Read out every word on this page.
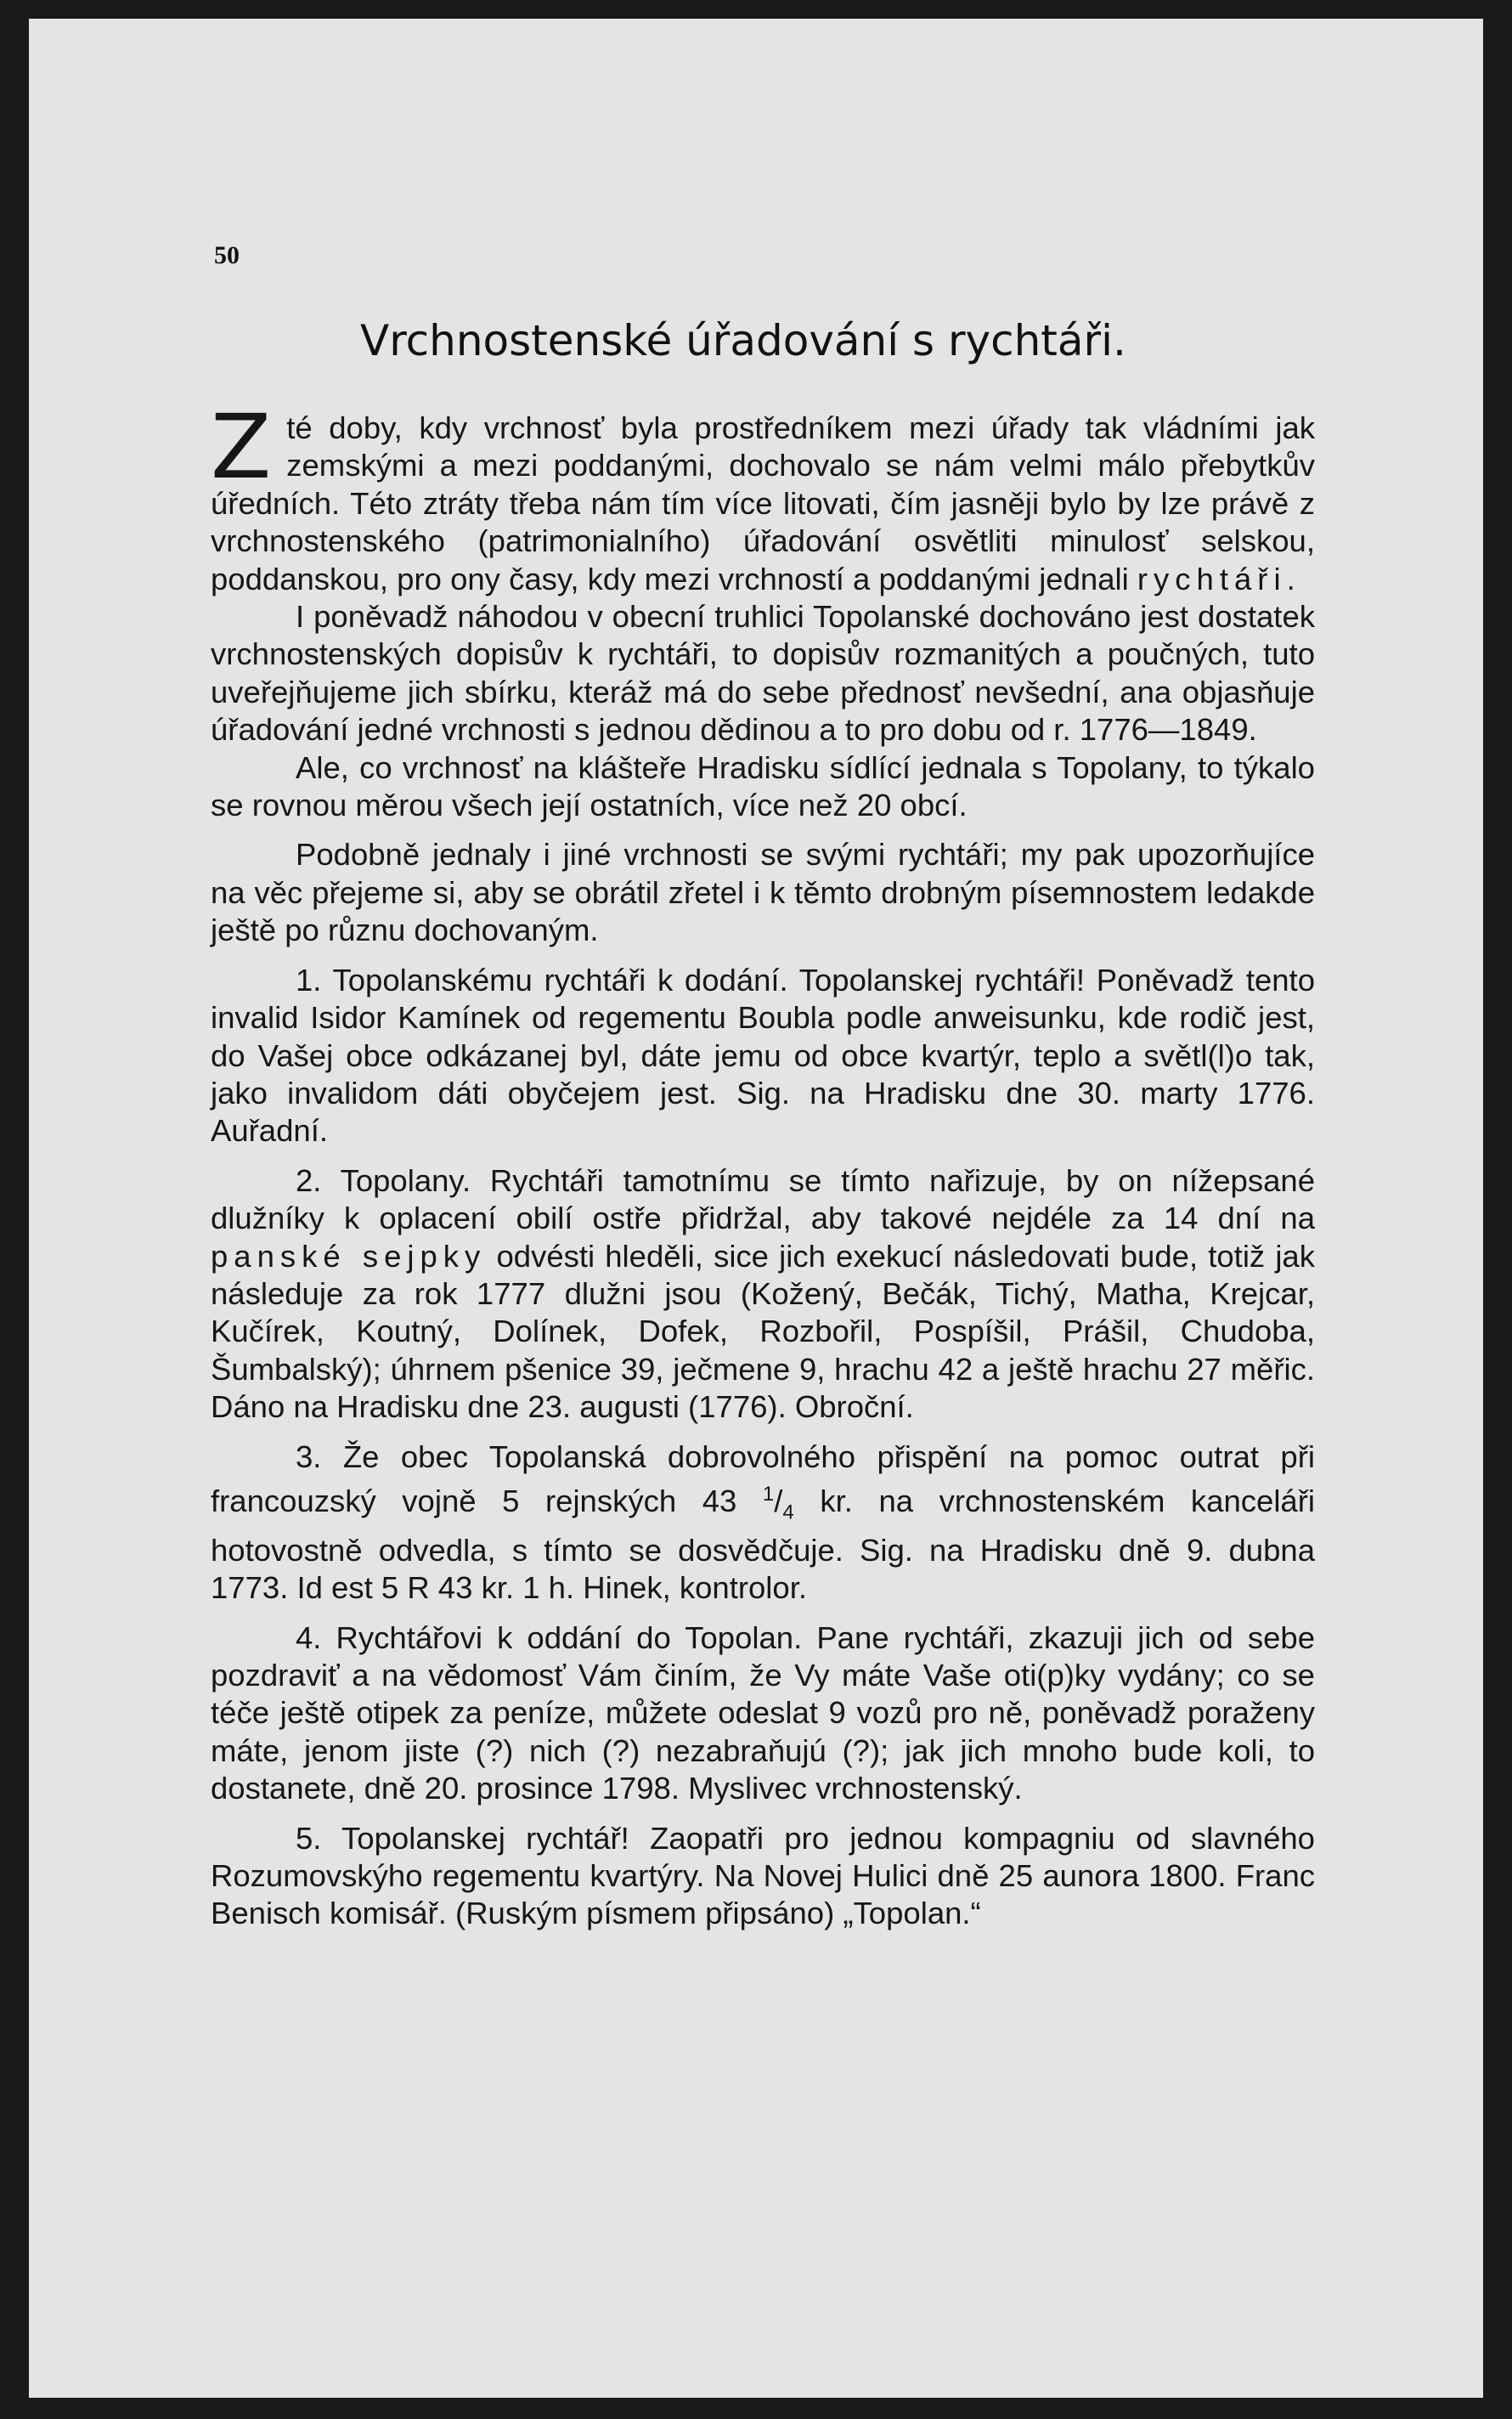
50
Vrchnostenské úřadování s rychtáři.

Zté doby, kdy vrchnosť byla prostředníkem mezi úřady tak vládními jak zemskými a mezi poddanými, dochovalo se nám velmi málo přebytkův úředních. Této ztráty třeba nám tím více litovati, čím jasněji bylo by lze právě z vrchnostenského (patrimonialního) úřadování osvětliti minulosť selskou, poddanskou, pro ony časy, kdy mezi vrchností a poddanými jednali rychtáři.

I poněvadž náhodou v obecní truhlici Topolanské dochováno jest dostatek vrchnostenských dopisův k rychtáři, to dopisův rozmanitých a poučných, tuto uveřejňujeme jich sbírku, kteráž má do sebe přednosť nevšední, ana objasňuje úřadování jedné vrchnosti s jednou dědinou a to pro dobu od r. 1776—1849.

Ale, co vrchnosť na klášteře Hradisku sídlící jednala s Topolany, to týkalo se rovnou měrou všech její ostatních, více než 20 obcí.

Podobně jednaly i jiné vrchnosti se svými rychtáři; my pak upozorňujíce na věc přejeme si, aby se obrátil zřetel i k těmto drobným písemnostem ledakde ještě po různu dochovaným.

1. Topolanskému rychtáři k dodání. Topolanskej rychtáři! Poněvadž tento invalid Isidor Kamínek od regementu Boubla podle anweisunku, kde rodič jest, do Vašej obce odkázanej byl, dáte jemu od obce kvartýr, teplo a světl(l)o tak, jako invalidom dáti obyčejem jest. Sig. na Hradisku dne 30. marty 1776. Auřadní.

2. Topolany. Rychtáři tamotnímu se tímto nařizuje, by on nížepsané dlužníky k oplacení obilí ostře přidržal, aby takové nejdéle za 14 dní na panské sejpky odvésti hleděli, sice jich exekucí následovati bude, totiž jak následuje za rok 1777 dlužni jsou (Kožený, Bečák, Tichý, Matha, Krejcar, Kučírek, Koutný, Dolínek, Dofek, Rozbořil, Pospíšil, Prášil, Chudoba, Šumbalský); úhrnem pšenice 39, ječmene 9, hrachu 42 a ještě hrachu 27 měřic. Dáno na Hradisku dne 23. augusti (1776). Obroční.

3. Že obec Topolanská dobrovolného přispění na pomoc outrat při francouzský vojně 5 rejnských 43 $^1/_4$ kr. na vrchnostenském kanceláři hotovostně odvedla, s tímto se dosvědčuje. Sig. na Hradisku dně 9. dubna 1773. Id est 5 R 43 kr. 1 h. Hinek, kontrolor.

4. Rychtářovi k oddání do Topolan. Pane rychtáři, zkazuji jich od sebe pozdraviť a na vědomosť Vám činím, že Vy máte Vaše oti(p)ky vydány; co se téče ještě otipek za peníze, můžete odeslat 9 vozů pro ně, poněvadž poraženy máte, jenom jiste (?) nich (?) nezabraňujú (?); jak jich mnoho bude koli, to dostanete, dně 20. prosince 1798. Myslivec vrchnostenský.

5. Topolanskej rychtář! Zaopatři pro jednou kompagniu od slavného Rozumovskýho regementu kvartýry. Na Novej Hulici dně 25 aunora 1800. Franc Benisch komisář. (Ruským písmem připsáno) „Topolan.“
